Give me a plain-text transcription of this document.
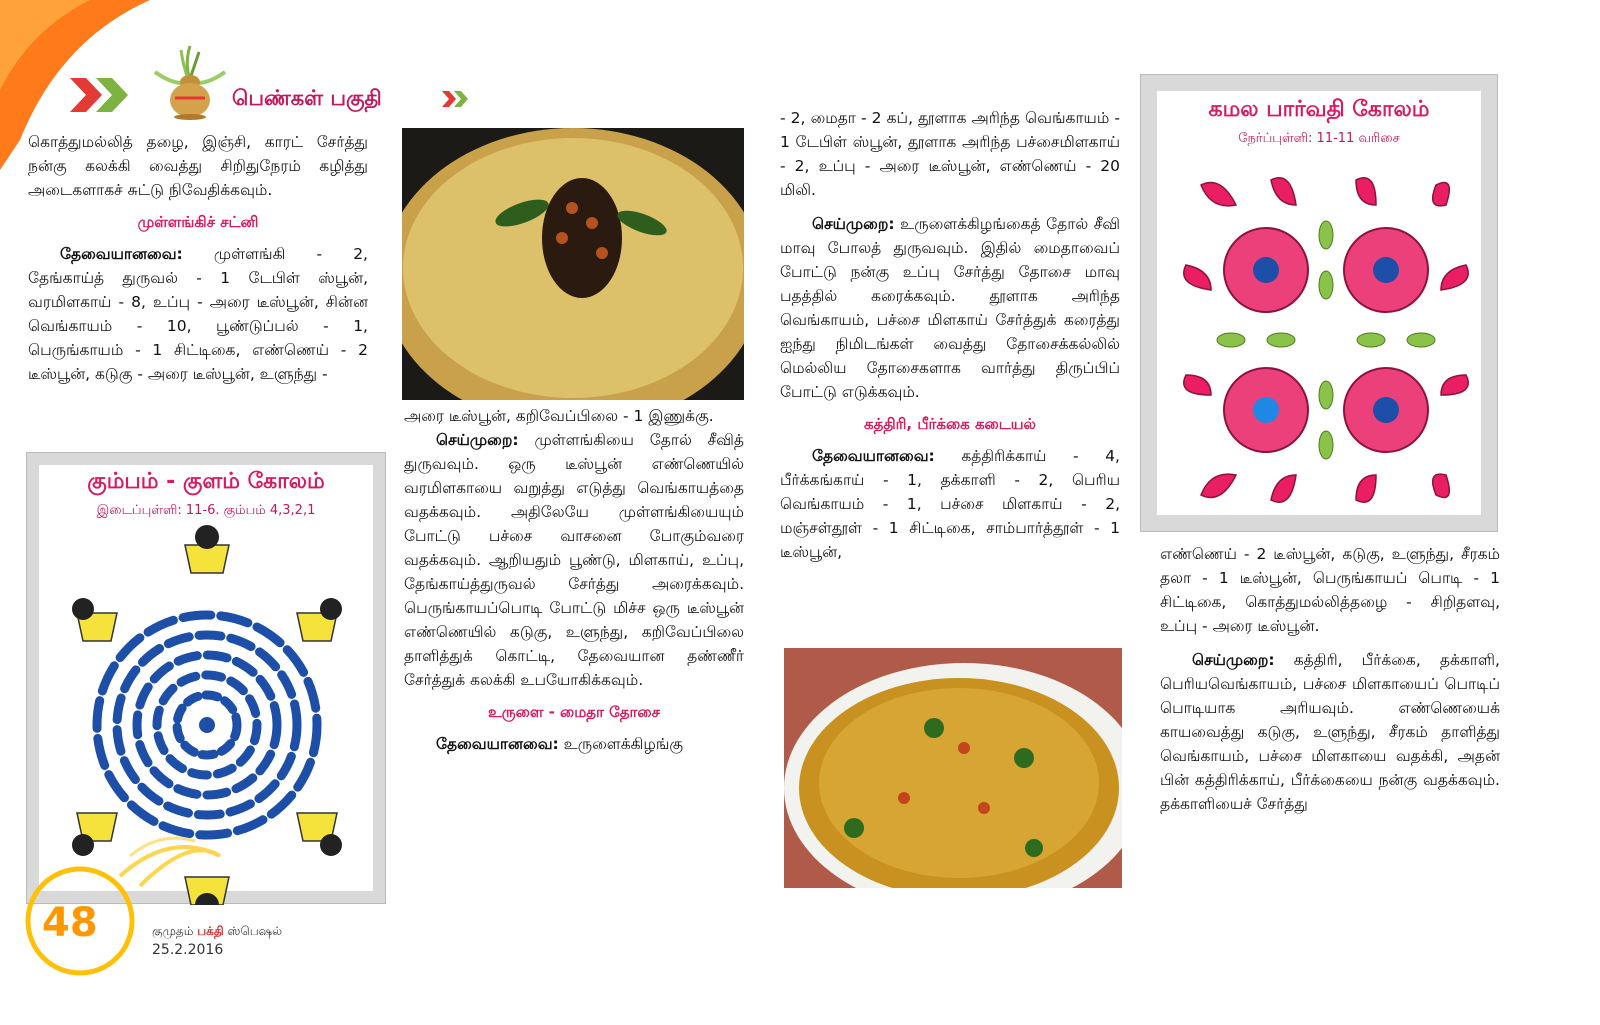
பெண்கள் பகுதி

கொத்துமல்லித் தழை, இஞ்சி, காரட் சேர்த்து நன்கு கலக்கி வைத்து சிறிதுநேரம் கழித்து அடைகளாகச் சுட்டு நிவேதிக்கவும்.

முள்ளங்கிச் சட்னி

தேவையானவை: முள்ளங்கி - 2, தேங்காய்த் துருவல் - 1 டேபிள் ஸ்பூன், வரமிளகாய் - 8, உப்பு - அரை டீஸ்பூன், சின்ன வெங்காயம் - 10, பூண்டுப்பல் - 1, பெருங்காயம் - 1 சிட்டிகை, எண்ணெய் - 2 டீஸ்பூன், கடுகு - அரை டீஸ்பூன், உளுந்து -

கும்பம் - குளம் கோலம்
இடைப்புள்ளி: 11-6. கும்பம் 4,3,2,1

அரை டீஸ்பூன், கறிவேப்பிலை - 1 இணுக்கு.

செய்முறை: முள்ளங்கியை தோல் சீவித் துருவவும். ஒரு டீஸ்பூன் எண்ணெயில் வரமிளகாயை வறுத்து எடுத்து வெங்காயத்தை வதக்கவும். அதிலேயே முள்ளங்கியையும் போட்டு பச்சை வாசனை போகும்வரை வதக்கவும். ஆறியதும் பூண்டு, மிளகாய், உப்பு, தேங்காய்த்துருவல் சேர்த்து அரைக்கவும். பெருங்காயப்பொடி போட்டு மிச்ச ஒரு டீஸ்பூன் எண்ணெயில் கடுகு, உளுந்து, கறிவேப்பிலை தாளித்துக் கொட்டி, தேவையான தண்ணீர் சேர்த்துக் கலக்கி உபயோகிக்கவும்.

உருளை - மைதா தோசை

தேவையானவை: உருளைக்கிழங்கு

- 2, மைதா - 2 கப், தூளாக அரிந்த வெங்காயம் - 1 டேபிள் ஸ்பூன், தூளாக அரிந்த பச்சைமிளகாய் - 2, உப்பு - அரை டீஸ்பூன், எண்ணெய் - 20 மிலி.

செய்முறை: உருளைக்கிழங்கைத் தோல் சீவி மாவு போலத் துருவவும். இதில் மைதாவைப் போட்டு நன்கு உப்பு சேர்த்து தோசை மாவு பதத்தில் கரைக்கவும். தூளாக அரிந்த வெங்காயம், பச்சை மிளகாய் சேர்த்துக் கரைத்து ஐந்து நிமிடங்கள் வைத்து தோசைக்கல்லில் மெல்லிய தோசைகளாக வார்த்து திருப்பிப் போட்டு எடுக்கவும்.

கத்திரி, பீர்க்கை கடையல்

தேவையானவை: கத்திரிக்காய் - 4, பீர்க்கங்காய் - 1, தக்காளி - 2, பெரிய வெங்காயம் - 1, பச்சை மிளகாய் - 2, மஞ்சள்தூள் - 1 சிட்டிகை, சாம்பார்த்தூள் - 1 டீஸ்பூன்,

கமல பார்வதி கோலம்
நேர்ப்புள்ளி: 11-11 வரிசை

எண்ணெய் - 2 டீஸ்பூன், கடுகு, உளுந்து, சீரகம் தலா - 1 டீஸ்பூன், பெருங்காயப் பொடி - 1 சிட்டிகை, கொத்துமல்லித்தழை - சிறிதளவு, உப்பு - அரை டீஸ்பூன்.

செய்முறை: கத்திரி, பீர்க்கை, தக்காளி, பெரியவெங்காயம், பச்சை மிளகாயைப் பொடிப் பொடியாக அரியவும். எண்ணெயைக் காயவைத்து கடுகு, உளுந்து, சீரகம் தாளித்து வெங்காயம், பச்சை மிளகாயை வதக்கி, அதன் பின் கத்திரிக்காய், பீர்க்கையை நன்கு வதக்கவும். தக்காளியைச் சேர்த்து

48	குமுதம் பக்தி ஸ்பெஷல்
25.2.2016
